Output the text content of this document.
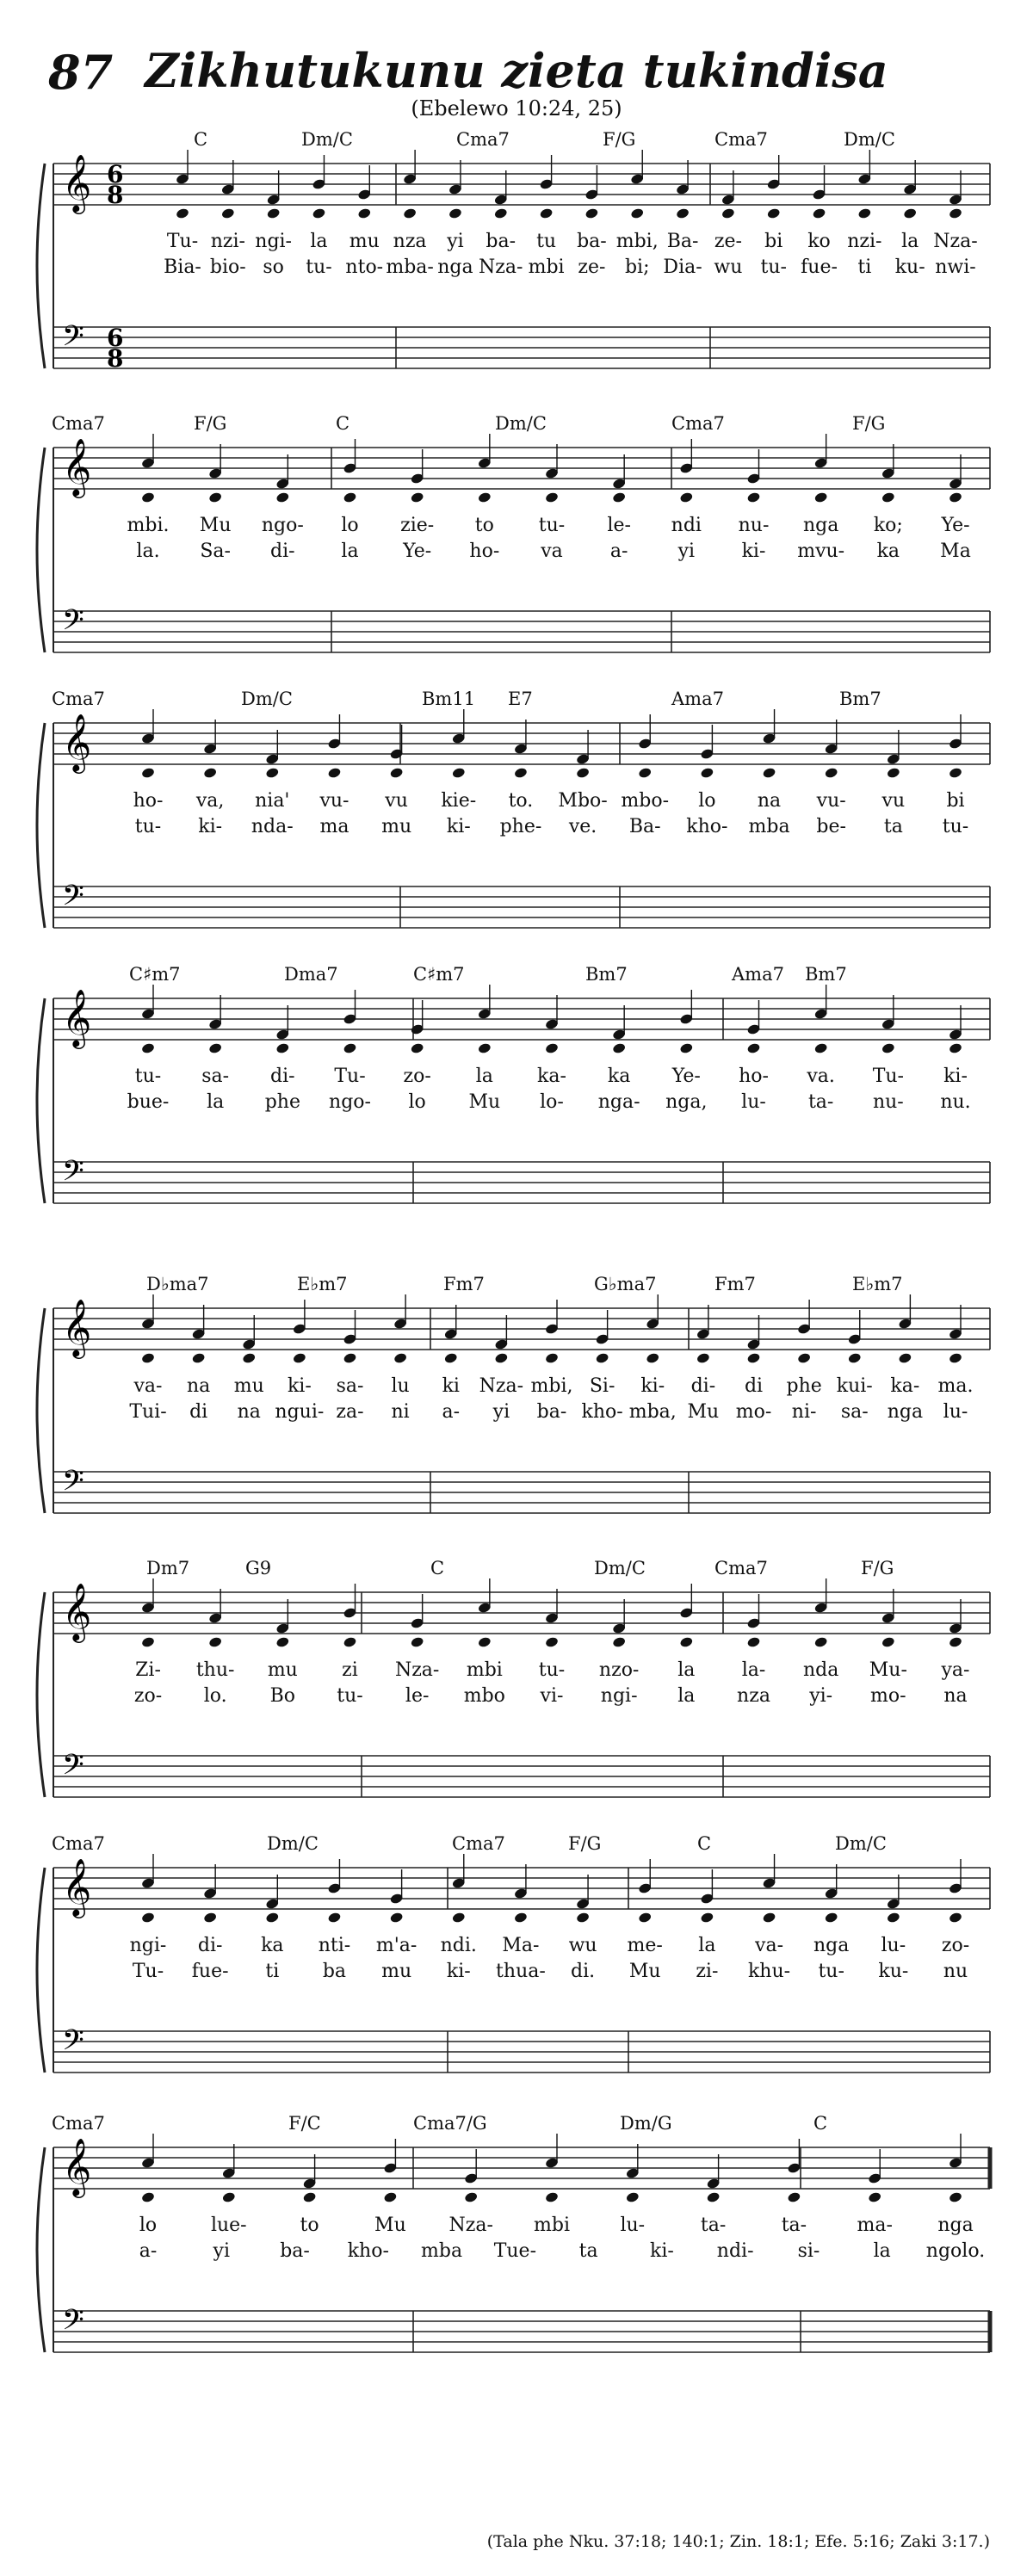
87 Zikhutukunu zieta tukindisa
(Ebelewo 10:24, 25)
C	Dm/C	Cma7	F/G	Cma7	Dm/C
𝄞
𝄢
6
6
8
8
Tu- nzi- ngi- la mu nza yi ba- tu ba- mbi, Ba- ze- bi ko nzi- la Nza-
Bia- bio- so tu- nto- mba- nga Nza- mbi ze- bi; Dia- wu tu- fue- ti ku- nwi-
Cma7	F/G	C	Dm/C	Cma7	F/G
𝄞
𝄢
mbi. Mu ngo- lo zie- to tu- le- ndi nu- nga ko; Ye-
la. Sa- di- la Ye- ho- va	a-	yi ki- mvu- ka Ma
Cma7	Dm/C	Bm11 E7	Ama7	Bm7
𝄞
𝄢
ho- va, nia' vu- vu kie- to. Mbo- mbo- lo na vu- vu bi
tu- ki- nda- ma mu ki- phe- ve. Ba- kho- mba be- ta tu-
C♯m7	Dma7	C♯m7	Bm7	Ama7 Bm7
𝄞
𝄢
tu- sa- di- Tu- zo- la ka- ka Ye- ho- va. Tu- ki-
bue- la phe ngo- lo Mu lo- nga- nga, lu- ta- nu- nu.
D♭ma7	E♭m7	Fm7	G♭ma7	Fm7	E♭m7
𝄞
𝄢
va- na mu ki- sa- lu ki Nza- mbi, Si- ki- di- di phe kui- ka- ma.
Tui- di na ngui- za- ni a- yi ba- kho- mba, Mu mo- ni- sa- nga lu-
Dm7	G9	C	Dm/C	Cma7	F/G
𝄞
𝄢
Zi- thu- mu zi Nza- mbi tu- nzo- la la- nda Mu- ya-
zo- lo. Bo tu- le- mbo vi- ngi- la nza yi- mo- na
Cma7	Dm/C	Cma7	F/G	C	Dm/C
𝄞
𝄢
ngi- di- ka nti- m'a- ndi. Ma- wu me- la va- nga lu- zo-
Tu- fue- ti ba mu ki- thua- di. Mu zi- khu- tu- ku- nu
Cma7	F/C	Cma7/G	Dm/G	C
𝄞
𝄢
lo	lue-	to	Mu Nza- mbi	lu-	ta-	ta-	ma- nga
a-	yi	ba- kho- mba Tue- ta	ki- ndi- si-	la ngolo.
(Tala phe Nku. 37:18; 140:1; Zin. 18:1; Efe. 5:16; Zaki 3:17.)
